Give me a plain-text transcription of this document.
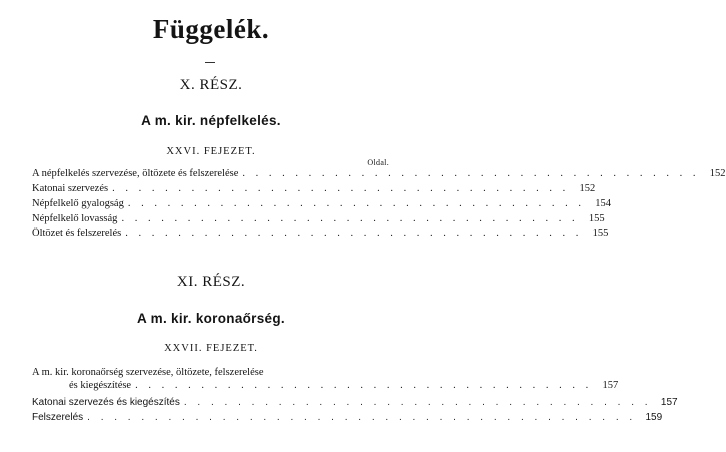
Függelék.
X. RÉSZ.
A m. kir. népfelkelés.
XXVI. FEJEZET.
Oldal.
A népfelkelés szervezése, öltözete és felszerelése . . . . . . . . . . . . . . . . . . . . . . . . . . . . . . . . . . . 152
Katonai szervezés . . . . . . . . . . . . . . . . . . . . . . . . . . . . . . . . . . . 152
Népfelkelő gyalogság . . . . . . . . . . . . . . . . . . . . . . . . . . . . . . . . . . . 154
Népfelkelő lovasság . . . . . . . . . . . . . . . . . . . . . . . . . . . . . . . . . . . 155
Öltözet és felszerelés . . . . . . . . . . . . . . . . . . . . . . . . . . . . . . . . . . . 155
XI. RÉSZ.
A m. kir. koronaőrség.
XXVII. FEJEZET.
A m. kir. koronaőrség szervezése, öltözete, felszerelése
és kiegészítése . . . . . . . . . . . . . . . . . . . . . . . . . . . . . . . . . . . 157
Katonai szervezés és kiegészítés . . . . . . . . . . . . . . . . . . . . . . . . . . . . . . . . . . . 157
Felszerelés . . . . . . . . . . . . . . . . . . . . . . . . . . . . . . . . . . . . . . . . . 159
